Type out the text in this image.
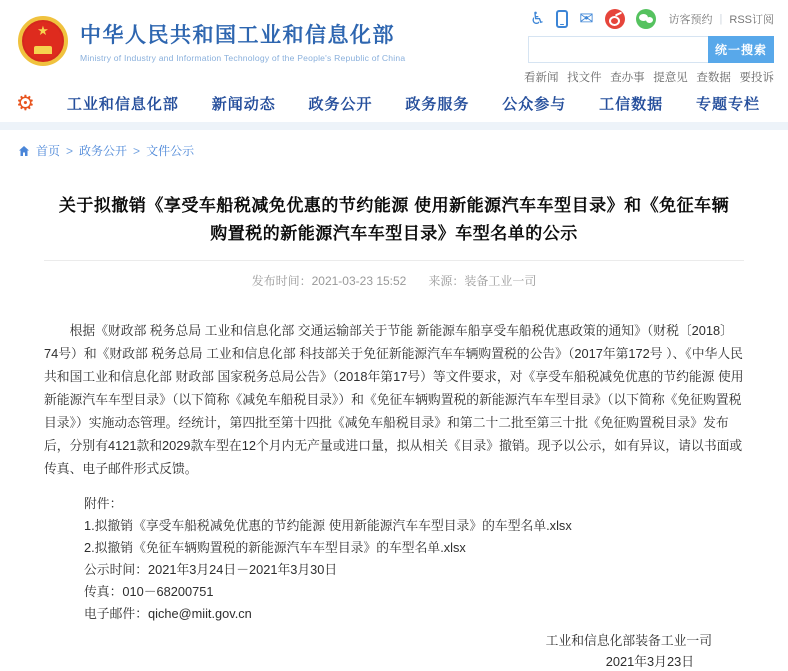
★
中华人民共和国工业和信息化部
Ministry of Industry and Information Technology of the People's Republic of China
♿ ✉	访客预约 | RSS订阅
统一搜索
看新闻 找文件 查办事 提意见 查数据 要投诉
⚙ 工业和信息化部 新闻动态 政务公开 政务服务 公众参与 工信数据 专题专栏
首页 > 政务公开 > 文件公示
关于拟撤销《享受车船税减免优惠的节约能源 使用新能源汽车车型目录》和《免征车辆购置税的新能源汽车车型目录》车型名单的公示
发布时间：2021-03-23 15:52 来源：装备工业一司

根据《财政部 税务总局 工业和信息化部 交通运输部关于节能 新能源车船享受车船税优惠政策的通知》（财税〔2018〕74号）和《财政部 税务总局 工业和信息化部 科技部关于免征新能源汽车车辆购置税的公告》（2017年第172号 ）、《中华人民共和国工业和信息化部 财政部 国家税务总局公告》（2018年第17号）等文件要求，对《享受车船税减免优惠的节约能源 使用新能源汽车车型目录》（以下简称《减免车船税目录》）和《免征车辆购置税的新能源汽车车型目录》（以下简称《免征购置税目录》）实施动态管理。经统计，第四批至第十四批《减免车船税目录》和第二十二批至第三十批《免征购置税目录》发布后，分别有4121款和2029款车型在12个月内无产量或进口量，拟从相关《目录》撤销。现予以公示，如有异议，请以书面或传真、电子邮件形式反馈。

附件：
1.拟撤销《享受车船税减免优惠的节约能源 使用新能源汽车车型目录》的车型名单.xlsx
2.拟撤销《免征车辆购置税的新能源汽车车型目录》的车型名单.xlsx
公示时间：2021年3月24日－2021年3月30日
传真：010－68200751
电子邮件：qiche@miit.gov.cn
工业和信息化部装备工业一司
2021年3月23日
